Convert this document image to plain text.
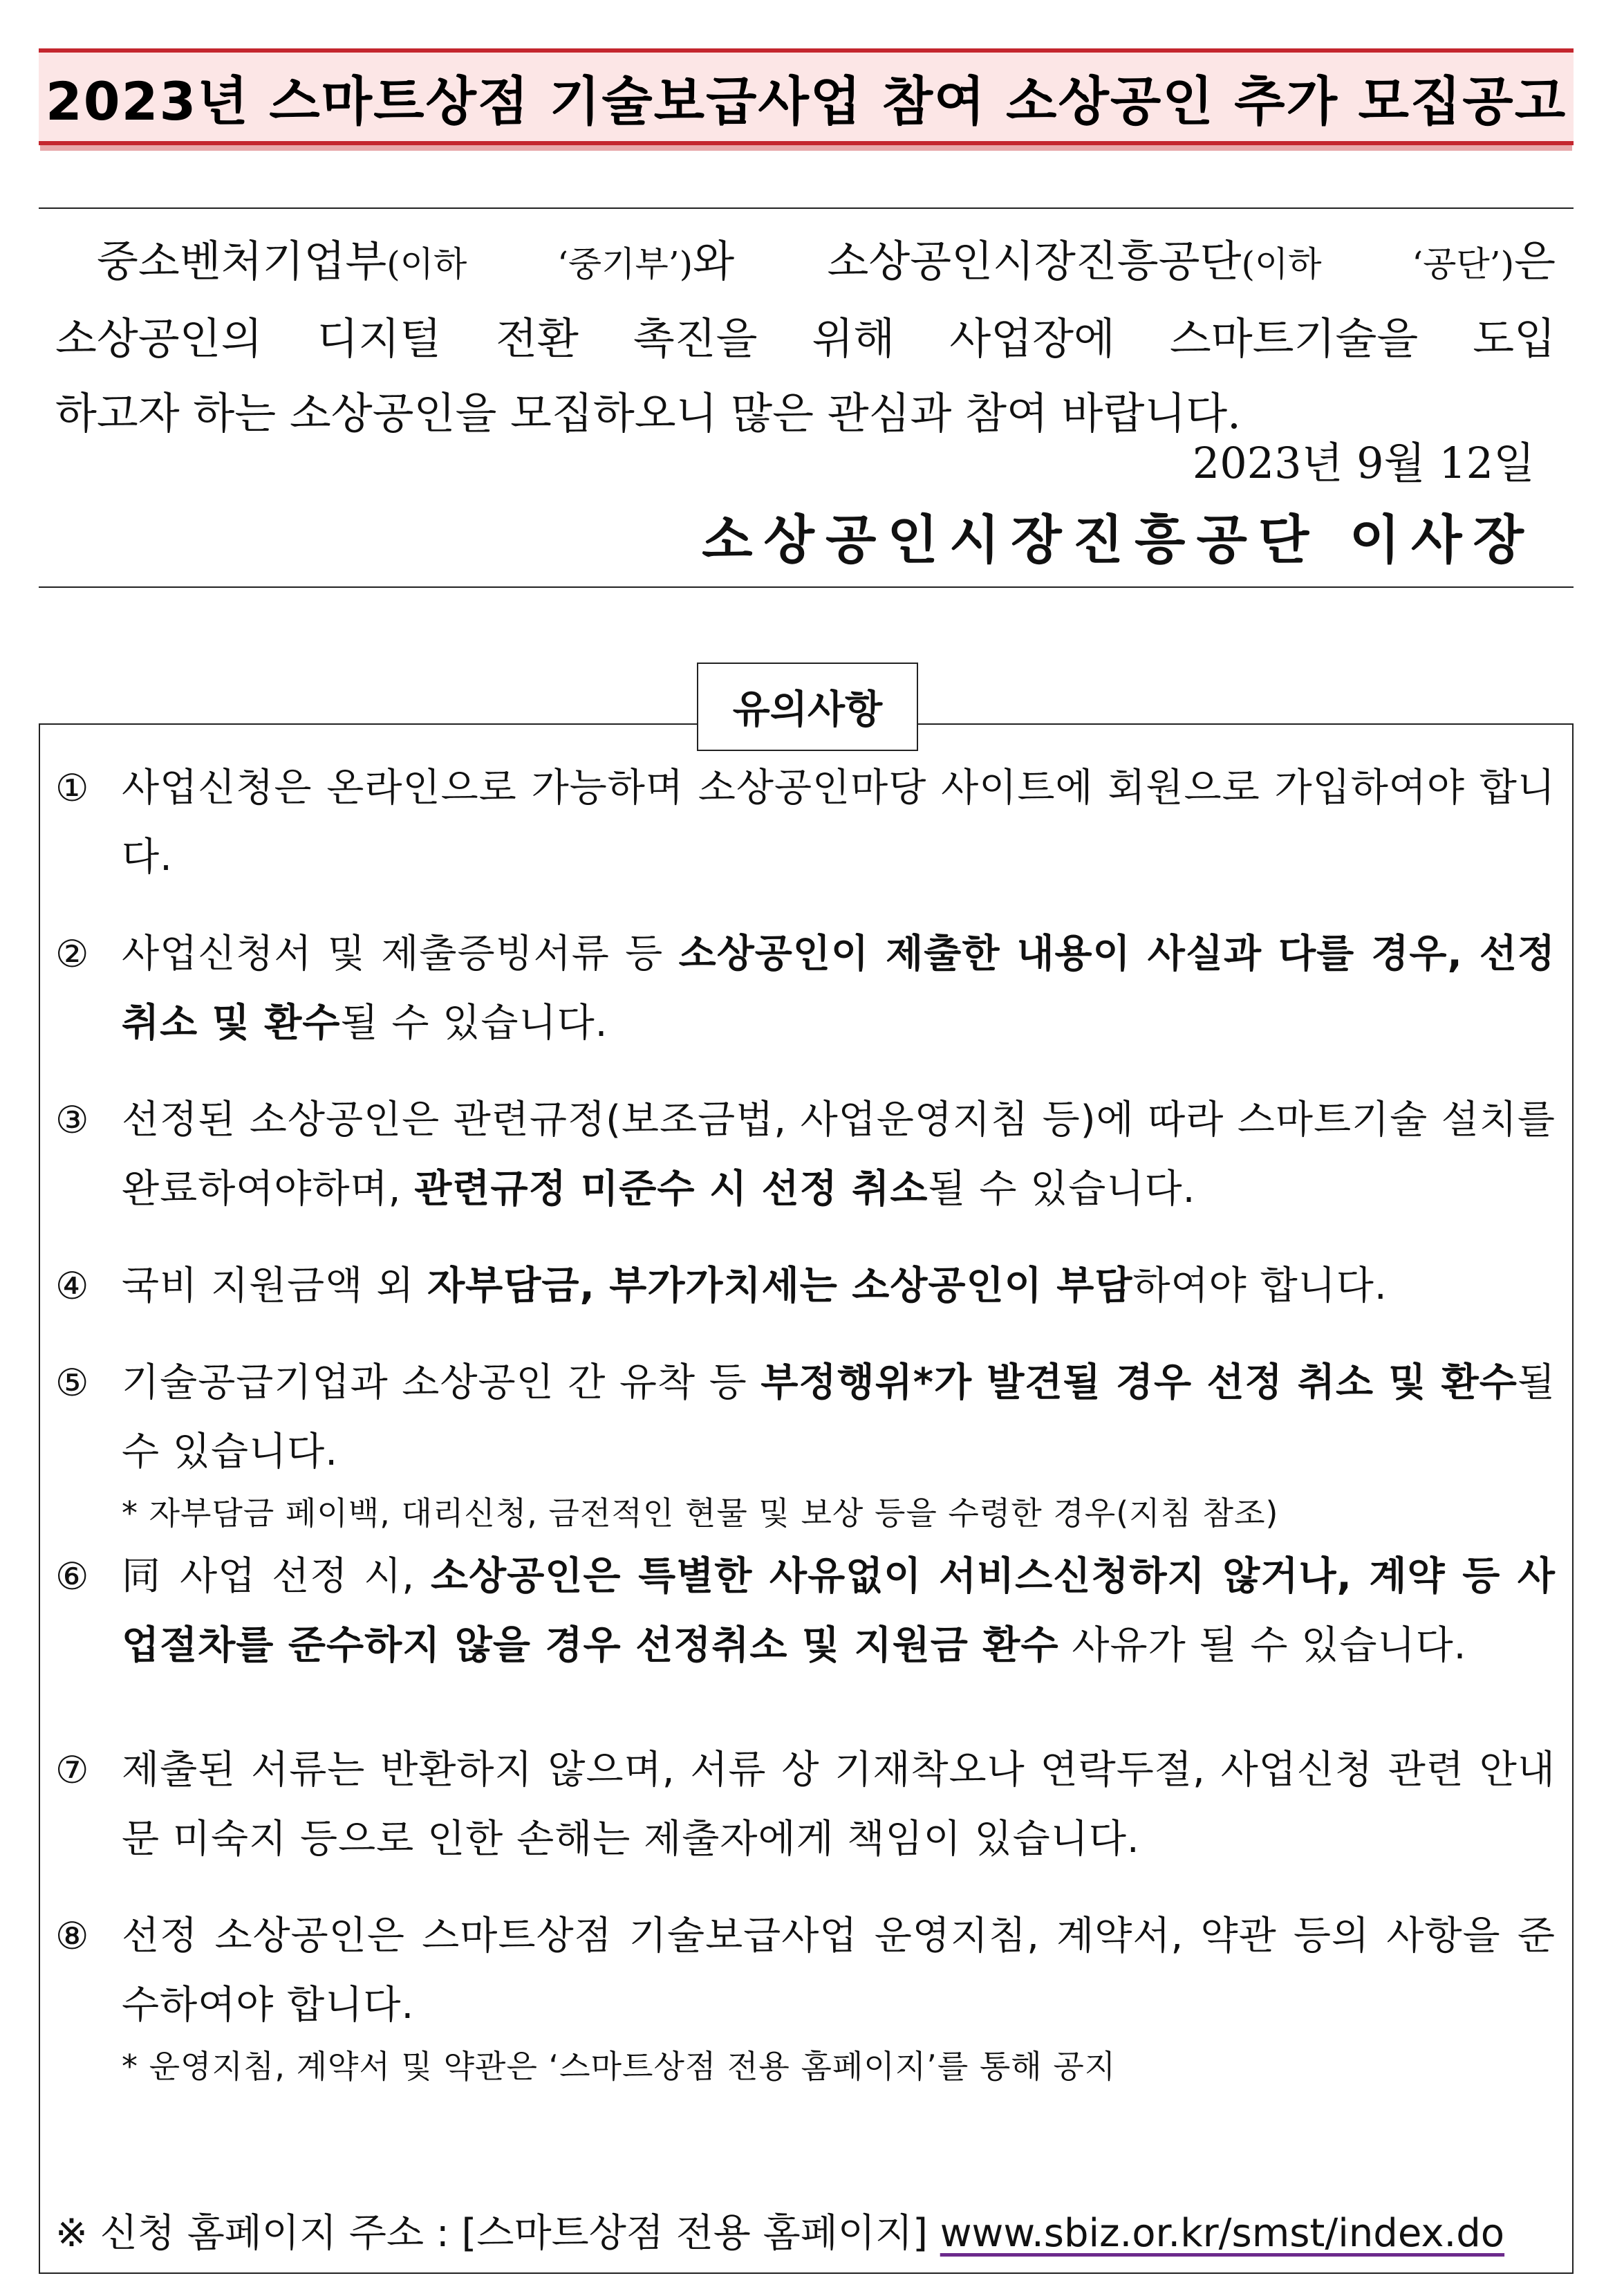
2023년 스마트상점 기술보급사업 참여 소상공인 추가 모집공고

중소벤처기업부(이하 ‘중기부’)와 소상공인시장진흥공단(이하 ‘공단’)은
소상공인의 디지털 전환 촉진을 위해 사업장에 스마트기술을 도입
하고자 하는 소상공인을 모집하오니 많은 관심과 참여 바랍니다.

2023년 9월 12일
소상공인시장진흥공단 이사장
유의사항
① 사업신청은 온라인으로 가능하며 소상공인마당 사이트에 회원으로 가입하여야 합니다.
② 사업신청서 및 제출증빙서류 등 소상공인이 제출한 내용이 사실과 다를 경우, 선정 취소 및 환수될 수 있습니다.
③ 선정된 소상공인은 관련규정(보조금법, 사업운영지침 등)에 따라 스마트기술 설치를 완료하여야하며, 관련규정 미준수 시 선정 취소될 수 있습니다.
④ 국비 지원금액 외 자부담금, 부가가치세는 소상공인이 부담하여야 합니다.
⑤ 기술공급기업과 소상공인 간 유착 등 부정행위*가 발견될 경우 선정 취소 및 환수될 수 있습니다.
* 자부담금 페이백, 대리신청, 금전적인 현물 및 보상 등을 수령한 경우(지침 참조)
⑥ 同 사업 선정 시, 소상공인은 특별한 사유없이 서비스신청하지 않거나, 계약 등 사업절차를 준수하지 않을 경우 선정취소 및 지원금 환수 사유가 될 수 있습니다.
⑦ 제출된 서류는 반환하지 않으며, 서류 상 기재착오나 연락두절, 사업신청 관련 안내문 미숙지 등으로 인한 손해는 제출자에게 책임이 있습니다.
⑧ 선정 소상공인은 스마트상점 기술보급사업 운영지침, 계약서, 약관 등의 사항을 준수하여야 합니다.
* 운영지침, 계약서 및 약관은 ‘스마트상점 전용 홈페이지’를 통해 공지
※ 신청 홈페이지 주소 : [스마트상점 전용 홈페이지] www.sbiz.or.kr/smst/index.do
